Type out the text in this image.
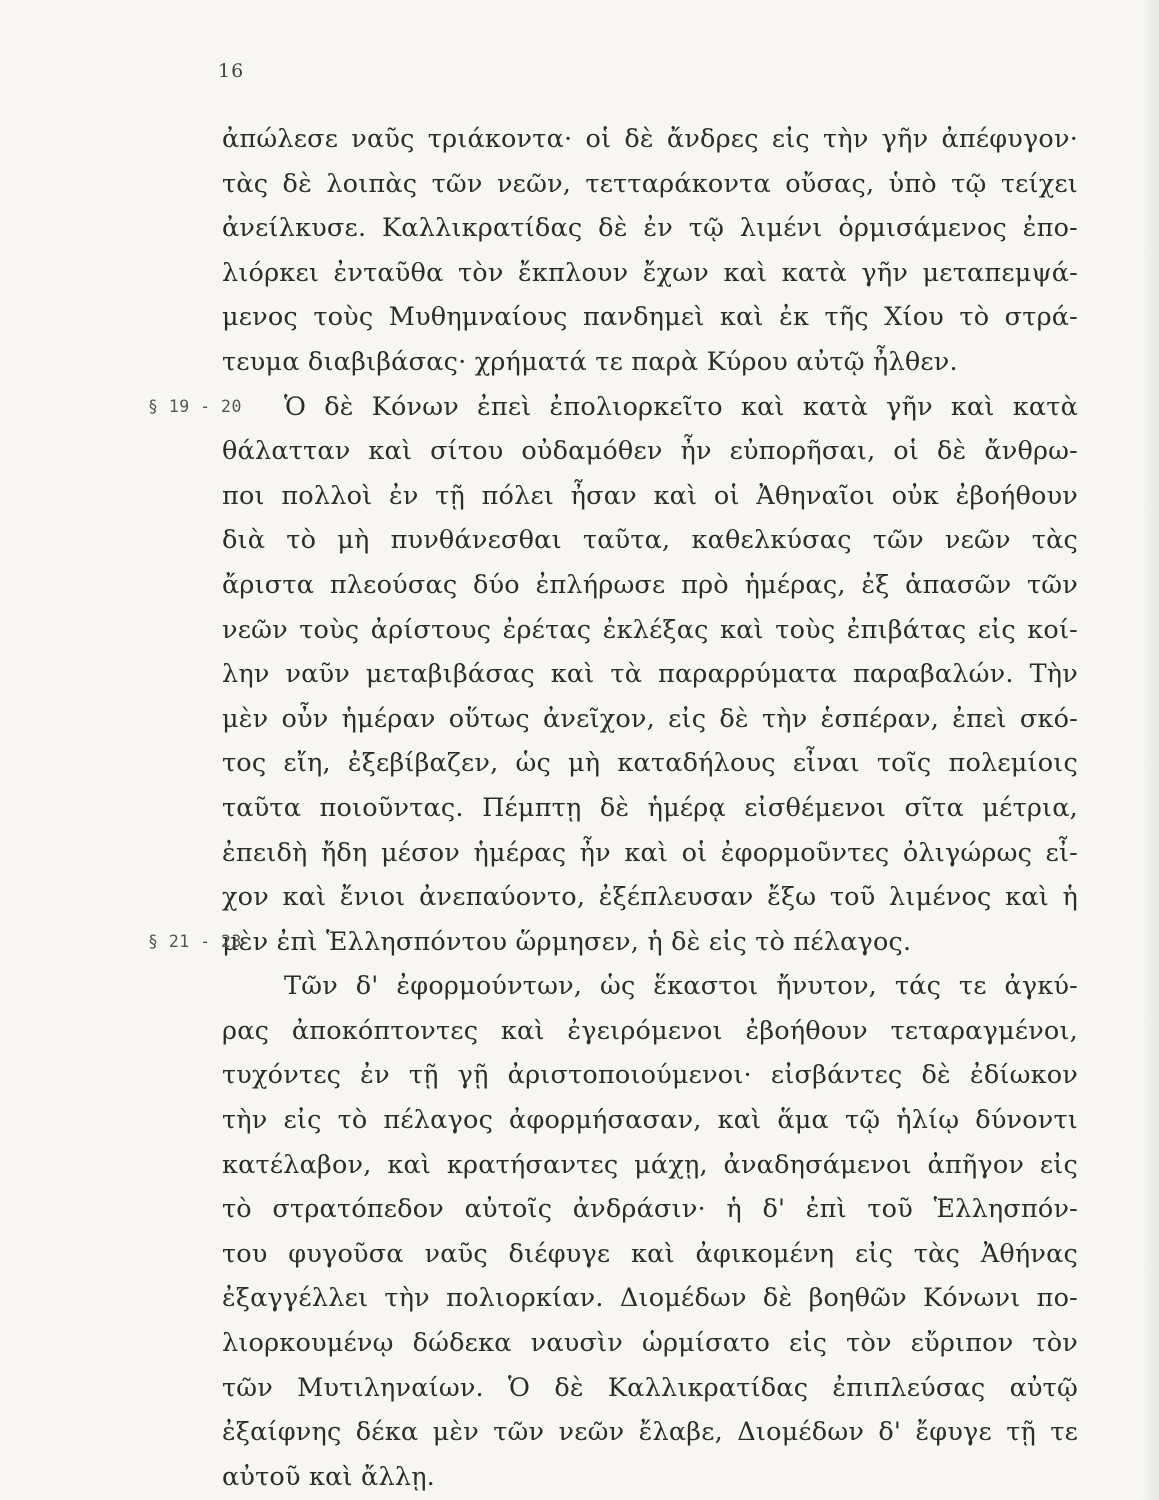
16
ἀπώλεσε ναῦς τριάκοντα· οἱ δὲ ἄνδρες εἰς τὴν γῆν ἀπέφυγον·
τὰς δὲ λοιπὰς τῶν νεῶν, τετταράκοντα οὔσας, ὑπὸ τῷ τείχει
ἀνείλκυσε. Καλλικρατίδας δὲ ἐν τῷ λιμένι ὁρμισάμενος ἐπο-
λιόρκει ἐνταῦθα τὸν ἔκπλουν ἔχων καὶ κατὰ γῆν μεταπεμψά-
μενος τοὺς Μυθημναίους πανδημεὶ καὶ ἐκ τῆς Χίου τὸ στρά-
τευμα διαβιβάσας· χρήματά τε παρὰ Κύρου αὐτῷ ἦλθεν.
Ὁ δὲ Κόνων ἐπεὶ ἐπολιορκεῖτο καὶ κατὰ γῆν καὶ κατὰ
θάλατταν καὶ σίτου οὐδαμόθεν ἦν εὐπορῆσαι, οἱ δὲ ἄνθρω-
ποι πολλοὶ ἐν τῇ πόλει ἦσαν καὶ οἱ Ἀθηναῖοι οὐκ ἐβοήθουν
διὰ τὸ μὴ πυνθάνεσθαι ταῦτα, καθελκύσας τῶν νεῶν τὰς
ἄριστα πλεούσας δύο ἐπλήρωσε πρὸ ἡμέρας, ἐξ ἁπασῶν τῶν
νεῶν τοὺς ἀρίστους ἐρέτας ἐκλέξας καὶ τοὺς ἐπιβάτας εἰς κοί-
λην ναῦν μεταβιβάσας καὶ τὰ παραρρύματα παραβαλών. Τὴν
μὲν οὖν ἡμέραν οὕτως ἀνεῖχον, εἰς δὲ τὴν ἑσπέραν, ἐπεὶ σκό-
τος εἴη, ἐξεβίβαζεν, ὡς μὴ καταδήλους εἶναι τοῖς πολεμίοις
ταῦτα ποιοῦντας. Πέμπτῃ δὲ ἡμέρᾳ εἰσθέμενοι σῖτα μέτρια,
ἐπειδὴ ἤδη μέσον ἡμέρας ἦν καὶ οἱ ἐφορμοῦντες ὀλιγώρως εἶ-
χον καὶ ἔνιοι ἀνεπαύοντο, ἐξέπλευσαν ἔξω τοῦ λιμένος καὶ ἡ
μὲν ἐπὶ Ἑλλησπόντου ὥρμησεν, ἡ δὲ εἰς τὸ πέλαγος.
Τῶν δ' ἐφορμούντων, ὡς ἕκαστοι ἤνυτον, τάς τε ἀγκύ-
ρας ἀποκόπτοντες καὶ ἐγειρόμενοι ἐβοήθουν τεταραγμένοι,
τυχόντες ἐν τῇ γῇ ἀριστοποιούμενοι· εἰσβάντες δὲ ἐδίωκον
τὴν εἰς τὸ πέλαγος ἀφορμήσασαν, καὶ ἅμα τῷ ἡλίῳ δύνοντι
κατέλαβον, καὶ κρατήσαντες μάχῃ, ἀναδησάμενοι ἀπῆγον εἰς
τὸ στρατόπεδον αὐτοῖς ἀνδράσιν· ἡ δ' ἐπὶ τοῦ Ἑλλησπόν-
του φυγοῦσα ναῦς διέφυγε καὶ ἀφικομένη εἰς τὰς Ἀθήνας
ἐξαγγέλλει τὴν πολιορκίαν. Διομέδων δὲ βοηθῶν Κόνωνι πο-
λιορκουμένῳ δώδεκα ναυσὶν ὡρμίσατο εἰς τὸν εὔριπον τὸν
τῶν Μυτιληναίων. Ὁ δὲ Καλλικρατίδας ἐπιπλεύσας αὐτῷ
ἐξαίφνης δέκα μὲν τῶν νεῶν ἔλαβε, Διομέδων δ' ἔφυγε τῇ τε
αὐτοῦ καὶ ἄλλῃ.
§ 19 - 20
§ 21 - 23
